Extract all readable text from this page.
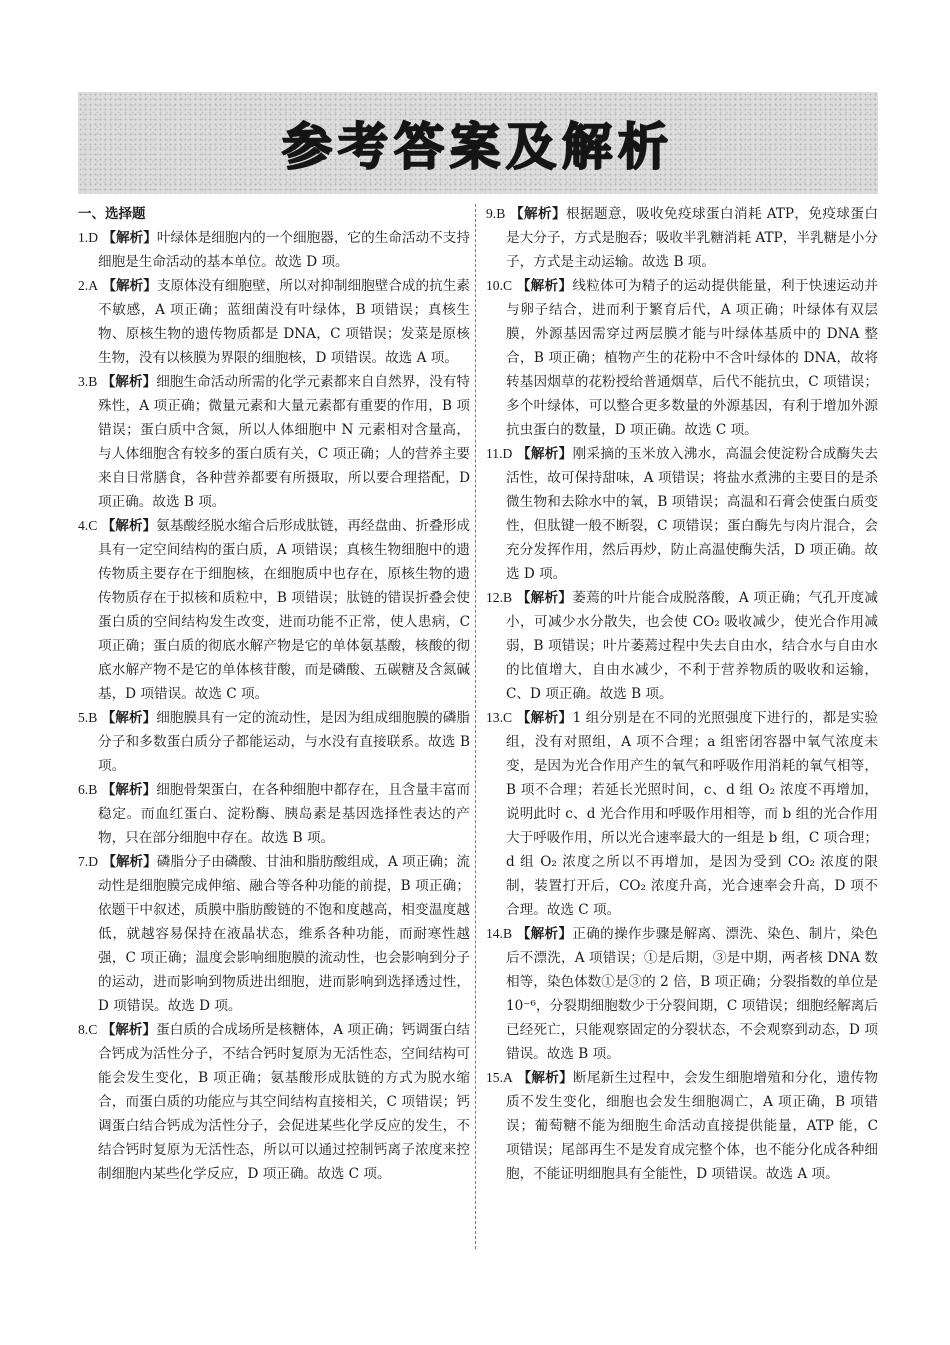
参考答案及解析

一、选择题

1.D 【解析】叶绿体是细胞内的一个细胞器，它的生命活动不支持细胞是生命活动的基本单位。故选 D 项。

2.A 【解析】支原体没有细胞壁，所以对抑制细胞壁合成的抗生素不敏感，A 项正确；蓝细菌没有叶绿体，B 项错误；真核生物、原核生物的遗传物质都是 DNA，C 项错误；发菜是原核生物，没有以核膜为界限的细胞核，D 项错误。故选 A 项。

3.B 【解析】细胞生命活动所需的化学元素都来自自然界，没有特殊性，A 项正确；微量元素和大量元素都有重要的作用，B 项错误；蛋白质中含氮，所以人体细胞中 N 元素相对含量高，与人体细胞含有较多的蛋白质有关，C 项正确；人的营养主要来自日常膳食，各种营养都要有所摄取，所以要合理搭配，D 项正确。故选 B 项。

4.C 【解析】氨基酸经脱水缩合后形成肽链，再经盘曲、折叠形成具有一定空间结构的蛋白质，A 项错误；真核生物细胞中的遗传物质主要存在于细胞核，在细胞质中也存在，原核生物的遗传物质存在于拟核和质粒中，B 项错误；肽链的错误折叠会使蛋白质的空间结构发生改变，进而功能不正常，使人患病，C 项正确；蛋白质的彻底水解产物是它的单体氨基酸，核酸的彻底水解产物不是它的单体核苷酸，而是磷酸、五碳糖及含氮碱基，D 项错误。故选 C 项。

5.B 【解析】细胞膜具有一定的流动性，是因为组成细胞膜的磷脂分子和多数蛋白质分子都能运动，与水没有直接联系。故选 B 项。

6.B 【解析】细胞骨架蛋白，在各种细胞中都存在，且含量丰富而稳定。而血红蛋白、淀粉酶、胰岛素是基因选择性表达的产物，只在部分细胞中存在。故选 B 项。

7.D 【解析】磷脂分子由磷酸、甘油和脂肪酸组成，A 项正确；流动性是细胞膜完成伸缩、融合等各种功能的前提，B 项正确；依题干中叙述，质膜中脂肪酸链的不饱和度越高，相变温度越低，就越容易保持在液晶状态，维系各种功能，而耐寒性越强，C 项正确；温度会影响细胞膜的流动性，也会影响到分子的运动，进而影响到物质进出细胞，进而影响到选择透过性，D 项错误。故选 D 项。

8.C 【解析】蛋白质的合成场所是核糖体，A 项正确；钙调蛋白结合钙成为活性分子，不结合钙时复原为无活性态，空间结构可能会发生变化，B 项正确；氨基酸形成肽链的方式为脱水缩合，而蛋白质的功能应与其空间结构直接相关，C 项错误；钙调蛋白结合钙成为活性分子，会促进某些化学反应的发生，不结合钙时复原为无活性态，所以可以通过控制钙离子浓度来控制细胞内某些化学反应，D 项正确。故选 C 项。

9.B 【解析】根据题意，吸收免疫球蛋白消耗 ATP，免疫球蛋白是大分子，方式是胞吞；吸收半乳糖消耗 ATP，半乳糖是小分子，方式是主动运输。故选 B 项。

10.C 【解析】线粒体可为精子的运动提供能量，利于快速运动并与卵子结合，进而利于繁育后代，A 项正确；叶绿体有双层膜，外源基因需穿过两层膜才能与叶绿体基质中的 DNA 整合，B 项正确；植物产生的花粉中不含叶绿体的 DNA，故将转基因烟草的花粉授给普通烟草，后代不能抗虫，C 项错误；多个叶绿体，可以整合更多数量的外源基因，有利于增加外源抗虫蛋白的数量，D 项正确。故选 C 项。

11.D 【解析】刚采摘的玉米放入沸水，高温会使淀粉合成酶失去活性，故可保持甜味，A 项错误；将盐水煮沸的主要目的是杀微生物和去除水中的氧，B 项错误；高温和石膏会使蛋白质变性，但肽键一般不断裂，C 项错误；蛋白酶先与肉片混合，会充分发挥作用，然后再炒，防止高温使酶失活，D 项正确。故选 D 项。

12.B 【解析】萎蔫的叶片能合成脱落酸，A 项正确；气孔开度减小，可减少水分散失，也会使 CO₂ 吸收减少，使光合作用减弱，B 项错误；叶片萎蔫过程中失去自由水，结合水与自由水的比值增大，自由水减少，不利于营养物质的吸收和运输，C、D 项正确。故选 B 项。

13.C 【解析】1 组分别是在不同的光照强度下进行的，都是实验组，没有对照组，A 项不合理；a 组密闭容器中氧气浓度未变，是因为光合作用产生的氧气和呼吸作用消耗的氧气相等，B 项不合理；若延长光照时间，c、d 组 O₂ 浓度不再增加，说明此时 c、d 光合作用和呼吸作用相等，而 b 组的光合作用大于呼吸作用，所以光合速率最大的一组是 b 组，C 项合理；d 组 O₂ 浓度之所以不再增加，是因为受到 CO₂ 浓度的限制，装置打开后，CO₂ 浓度升高，光合速率会升高，D 项不合理。故选 C 项。

14.B 【解析】正确的操作步骤是解离、漂洗、染色、制片，染色后不漂洗，A 项错误；①是后期，③是中期，两者核 DNA 数相等，染色体数①是③的 2 倍，B 项正确；分裂指数的单位是 10⁻⁶，分裂期细胞数少于分裂间期，C 项错误；细胞经解离后已经死亡，只能观察固定的分裂状态，不会观察到动态，D 项错误。故选 B 项。

15.A 【解析】断尾新生过程中，会发生细胞增殖和分化，遗传物质不发生变化，细胞也会发生细胞凋亡，A 项正确，B 项错误；葡萄糖不能为细胞生命活动直接提供能量，ATP 能，C 项错误；尾部再生不是发育成完整个体，也不能分化成各种细胞，不能证明细胞具有全能性，D 项错误。故选 A 项。
